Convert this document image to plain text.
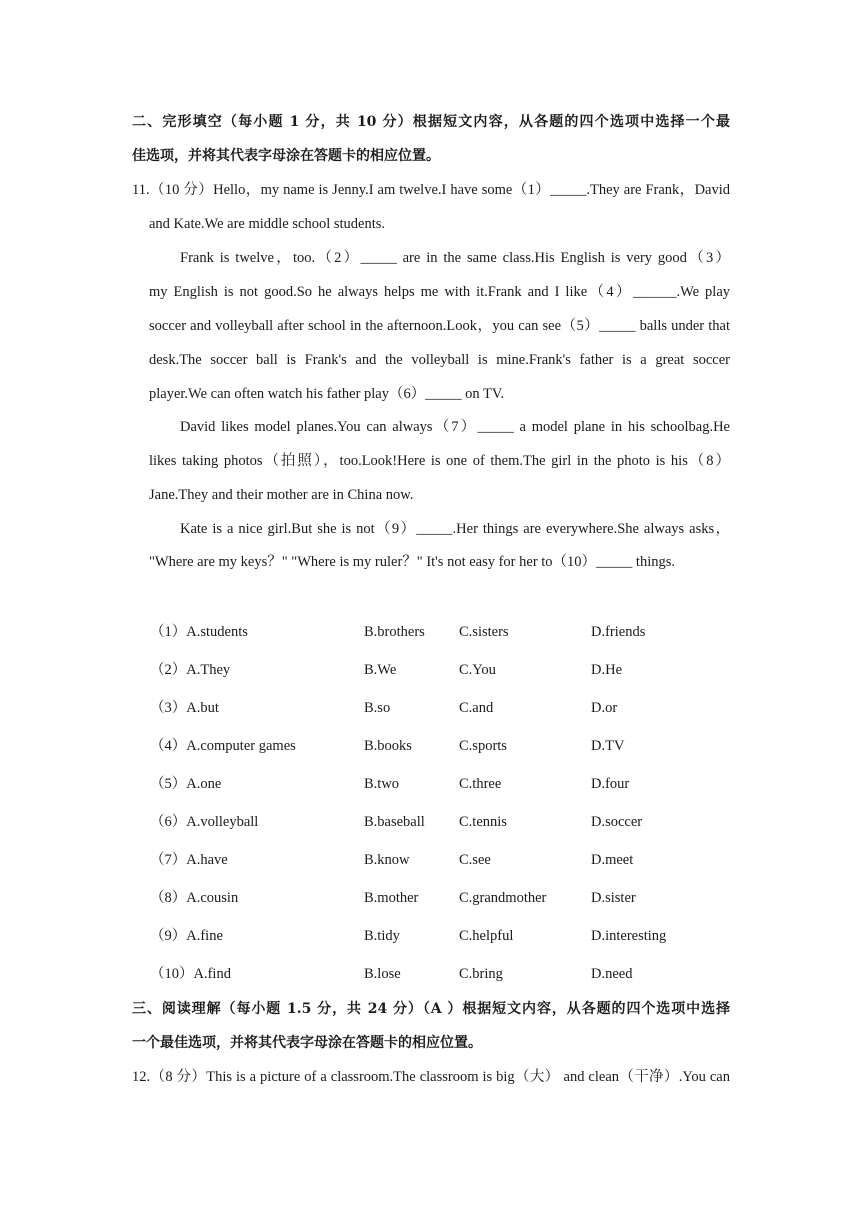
二、完形填空（每小题 1 分，共 10 分）根据短文内容，从各题的四个选项中选择一个最
佳选项，并将其代表字母涂在答题卡的相应位置。
11.（10 分）Hello，my name is Jenny.I am twelve.I have some（1）_____.They are Frank，David
and Kate.We are middle school students.
Frank is twelve，too.（2）_____ are in the same class.His English is very good（3）
my English is not good.So he always helps me with it.Frank and I like（4）______.We play
soccer and volleyball after school in the afternoon.Look，you can see（5）_____ balls under that
desk.The soccer ball is Frank's and the volleyball is mine.Frank's father is a great soccer
player.We can often watch his father play（6）_____ on TV.
David likes model planes.You can always（7）_____ a model plane in his schoolbag.He
likes taking photos（拍照），too.Look!Here is one of them.The girl in the photo is his（8）
Jane.They and their mother are in China now.
Kate is a nice girl.But she is not（9）_____.Her things are everywhere.She always asks，
"Where are my keys？" "Where is my ruler？" It's not easy for her to（10）_____ things.
（1）A.students	B.brothers C.sisters	D.friends
（2）A.They	B.We	C.You	D.He
（3）A.but	B.so	C.and	D.or
（4）A.computer games	B.books	C.sports	D.TV
（5）A.one	B.two	C.three	D.four
（6）A.volleyball	B.baseball C.tennis	D.soccer
（7）A.have	B.know	C.see	D.meet
（8）A.cousin	B.mother	C.grandmother	D.sister
（9）A.fine	B.tidy	C.helpful	D.interesting
（10）A.find	B.lose	C.bring	D.need
三、阅读理解（每小题 1.5 分，共 24 分）（A ）根据短文内容，从各题的四个选项中选择
一个最佳选项，并将其代表字母涂在答题卡的相应位置。
12.（8 分）This is a picture of a classroom.The classroom is big（大） and clean（干净）.You can
